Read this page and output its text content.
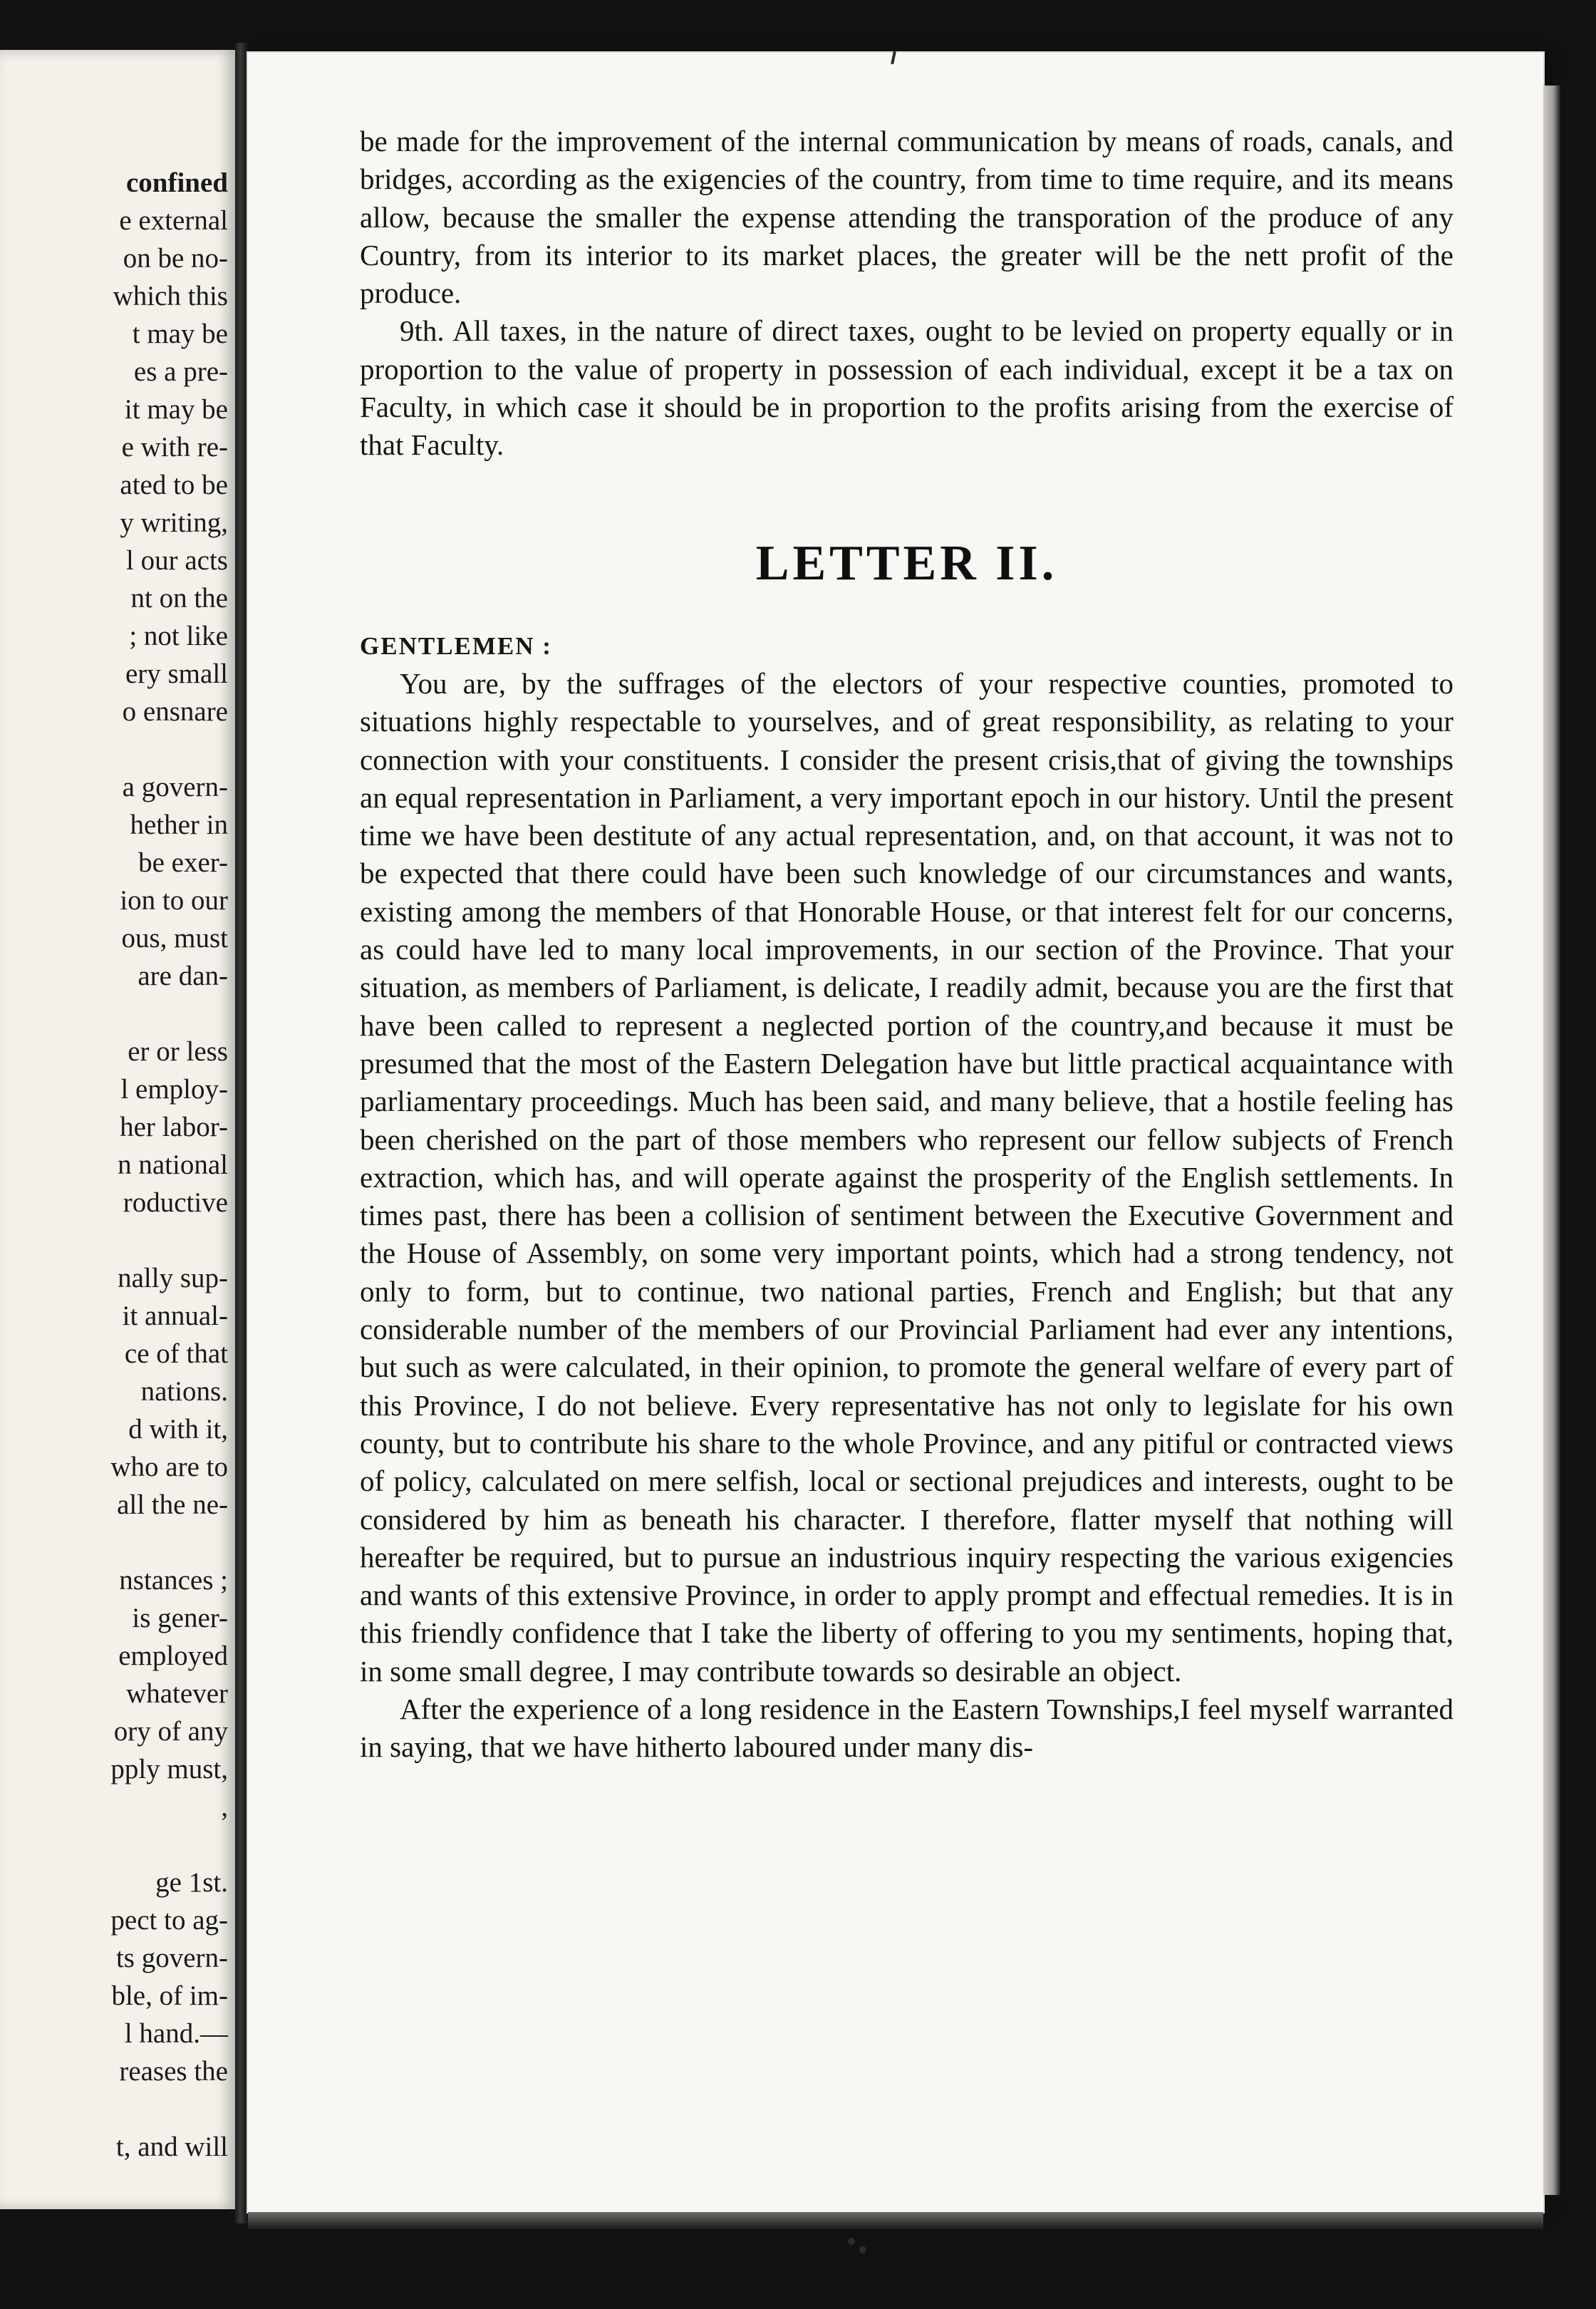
confined
e external
on be no-
which this
t may be
es a pre-
it may be
e with re-
ated to be
y writing,
l our acts
nt on the
; not like
ery small
o ensnare

a govern-
hether in
be exer-
ion to our
ous, must
are dan-

er or less
l employ-
her labor-
n national
roductive

nally sup-
it annual-
ce of that
nations.
d with it,
who are to
all the ne-

nstances ;
is gener-
employed
whatever
ory of any
pply must,
,

ge 1st.
pect to ag-
ts govern-
ble, of im-
l hand.—
reases the

t, and will

be made for the improvement of the internal communication by means of roads, canals, and bridges, according as the exigencies of the country, from time to time require, and its means allow, because the smaller the expense attending the transporation of the produce of any Country, from its interior to its market places, the greater will be the nett profit of the produce.

9th. All taxes, in the nature of direct taxes, ought to be levied on property equally or in proportion to the value of property in possession of each individual, except it be a tax on Faculty, in which case it should be in proportion to the profits arising from the exercise of that Faculty.

LETTER II.

GENTLEMEN :

You are, by the suffrages of the electors of your respective counties, promoted to situations highly respectable to yourselves, and of great responsibility, as relating to your connection with your constituents. I consider the present crisis,that of giving the townships an equal representation in Parliament, a very important epoch in our history. Until the present time we have been destitute of any actual representation, and, on that account, it was not to be expected that there could have been such knowledge of our circumstances and wants, existing among the members of that Honorable House, or that interest felt for our concerns, as could have led to many local improvements, in our section of the Province. That your situation, as members of Parliament, is delicate, I readily admit, because you are the first that have been called to represent a neglected portion of the country,and because it must be presumed that the most of the Eastern Delegation have but little practical acquaintance with parliamentary proceedings. Much has been said, and many believe, that a hostile feeling has been cherished on the part of those members who represent our fellow subjects of French extraction, which has, and will operate against the prosperity of the English settlements. In times past, there has been a collision of sentiment between the Executive Government and the House of Assembly, on some very important points, which had a strong tendency, not only to form, but to continue, two national parties, French and English; but that any considerable number of the members of our Provincial Parliament had ever any intentions, but such as were calculated, in their opinion, to promote the general welfare of every part of this Province, I do not believe. Every representative has not only to legislate for his own county, but to contribute his share to the whole Province, and any pitiful or contracted views of policy, calculated on mere selfish, local or sectional prejudices and interests, ought to be considered by him as beneath his character. I therefore, flatter myself that nothing will hereafter be required, but to pursue an industrious inquiry respecting the various exigencies and wants of this extensive Province, in order to apply prompt and effectual remedies. It is in this friendly confidence that I take the liberty of offering to you my sentiments, hoping that, in some small degree, I may contribute towards so desirable an object.

After the experience of a long residence in the Eastern Townships,I feel myself warranted in saying, that we have hitherto laboured under many dis-
